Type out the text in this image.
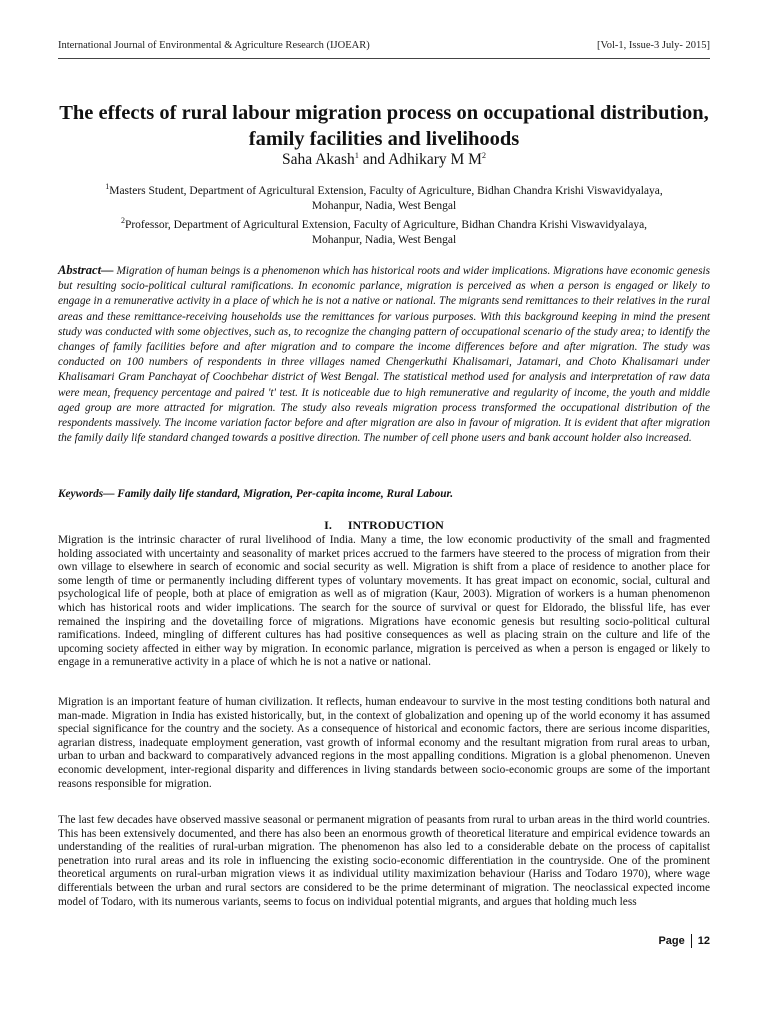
International Journal of Environmental & Agriculture Research (IJOEAR)	[Vol-1, Issue-3 July- 2015]
The effects of rural labour migration process on occupational distribution, family facilities and livelihoods
Saha Akash$^1$ and Adhikary M $M^2$
$^1$Masters Student, Department of Agricultural Extension, Faculty of Agriculture, Bidhan Chandra Krishi Viswavidyalaya,
Mohanpur, Nadia, West Bengal
$^2$Professor, Department of Agricultural Extension, Faculty of Agriculture, Bidhan Chandra Krishi Viswavidyalaya,
Mohanpur, Nadia, West Bengal
Abstract— Migration of human beings is a phenomenon which has historical roots and wider implications. Migrations have economic genesis but resulting socio-political cultural ramifications. In economic parlance, migration is perceived as when a person is engaged or likely to engage in a remunerative activity in a place of which he is not a native or national. The migrants send remittances to their relatives in the rural areas and these remittance-receiving households use the remittances for various purposes. With this background keeping in mind the present study was conducted with some objectives, such as, to recognize the changing pattern of occupational scenario of the study area; to identify the changes of family facilities before and after migration and to compare the income differences before and after migration. The study was conducted on 100 numbers of respondents in three villages named Chengerkuthi Khalisamari, Jatamari, and Choto Khalisamari under Khalisamari Gram Panchayat of Coochbehar district of West Bengal. The statistical method used for analysis and interpretation of raw data were mean, frequency percentage and paired 't' test. It is noticeable due to high remunerative and regularity of income, the youth and middle aged group are more attracted for migration. The study also reveals migration process transformed the occupational distribution of the respondents massively. The income variation factor before and after migration are also in favour of migration. It is evident that after migration the family daily life standard changed towards a positive direction. The number of cell phone users and bank account holder also increased.
Keywords— Family daily life standard, Migration, Per-capita income, Rural Labour.
I. INTRODUCTION
Migration is the intrinsic character of rural livelihood of India. Many a time, the low economic productivity of the small and fragmented holding associated with uncertainty and seasonality of market prices accrued to the farmers have steered to the process of migration from their own village to elsewhere in search of economic and social security as well. Migration is shift from a place of residence to another place for some length of time or permanently including different types of voluntary movements. It has great impact on economic, social, cultural and psychological life of people, both at place of emigration as well as of migration (Kaur, 2003). Migration of workers is a human phenomenon which has historical roots and wider implications. The search for the source of survival or quest for Eldorado, the blissful life, has ever remained the inspiring and the dovetailing force of migrations. Migrations have economic genesis but resulting socio-political cultural ramifications. Indeed, mingling of different cultures has had positive consequences as well as placing strain on the culture and life of the upcoming society affected in either way by migration. In economic parlance, migration is perceived as when a person is engaged or likely to engage in a remunerative activity in a place of which he is not a native or national.
Migration is an important feature of human civilization. It reflects, human endeavour to survive in the most testing conditions both natural and man-made. Migration in India has existed historically, but, in the context of globalization and opening up of the world economy it has assumed special significance for the country and the society. As a consequence of historical and economic factors, there are serious income disparities, agrarian distress, inadequate employment generation, vast growth of informal economy and the resultant migration from rural areas to urban, urban to urban and backward to comparatively advanced regions in the most appalling conditions. Migration is a global phenomenon. Uneven economic development, inter-regional disparity and differences in living standards between socio-economic groups are some of the important reasons responsible for migration.
The last few decades have observed massive seasonal or permanent migration of peasants from rural to urban areas in the third world countries. This has been extensively documented, and there has also been an enormous growth of theoretical literature and empirical evidence towards an understanding of the realities of rural-urban migration. The phenomenon has also led to a considerable debate on the process of capitalist penetration into rural areas and its role in influencing the existing socio-economic differentiation in the countryside. One of the prominent theoretical arguments on rural-urban migration views it as individual utility maximization behaviour (Hariss and Todaro 1970), where wage differentials between the urban and rural sectors are considered to be the prime determinant of migration. The neoclassical expected income model of Todaro, with its numerous variants, seems to focus on individual potential migrants, and argues that holding much less
Page 12
